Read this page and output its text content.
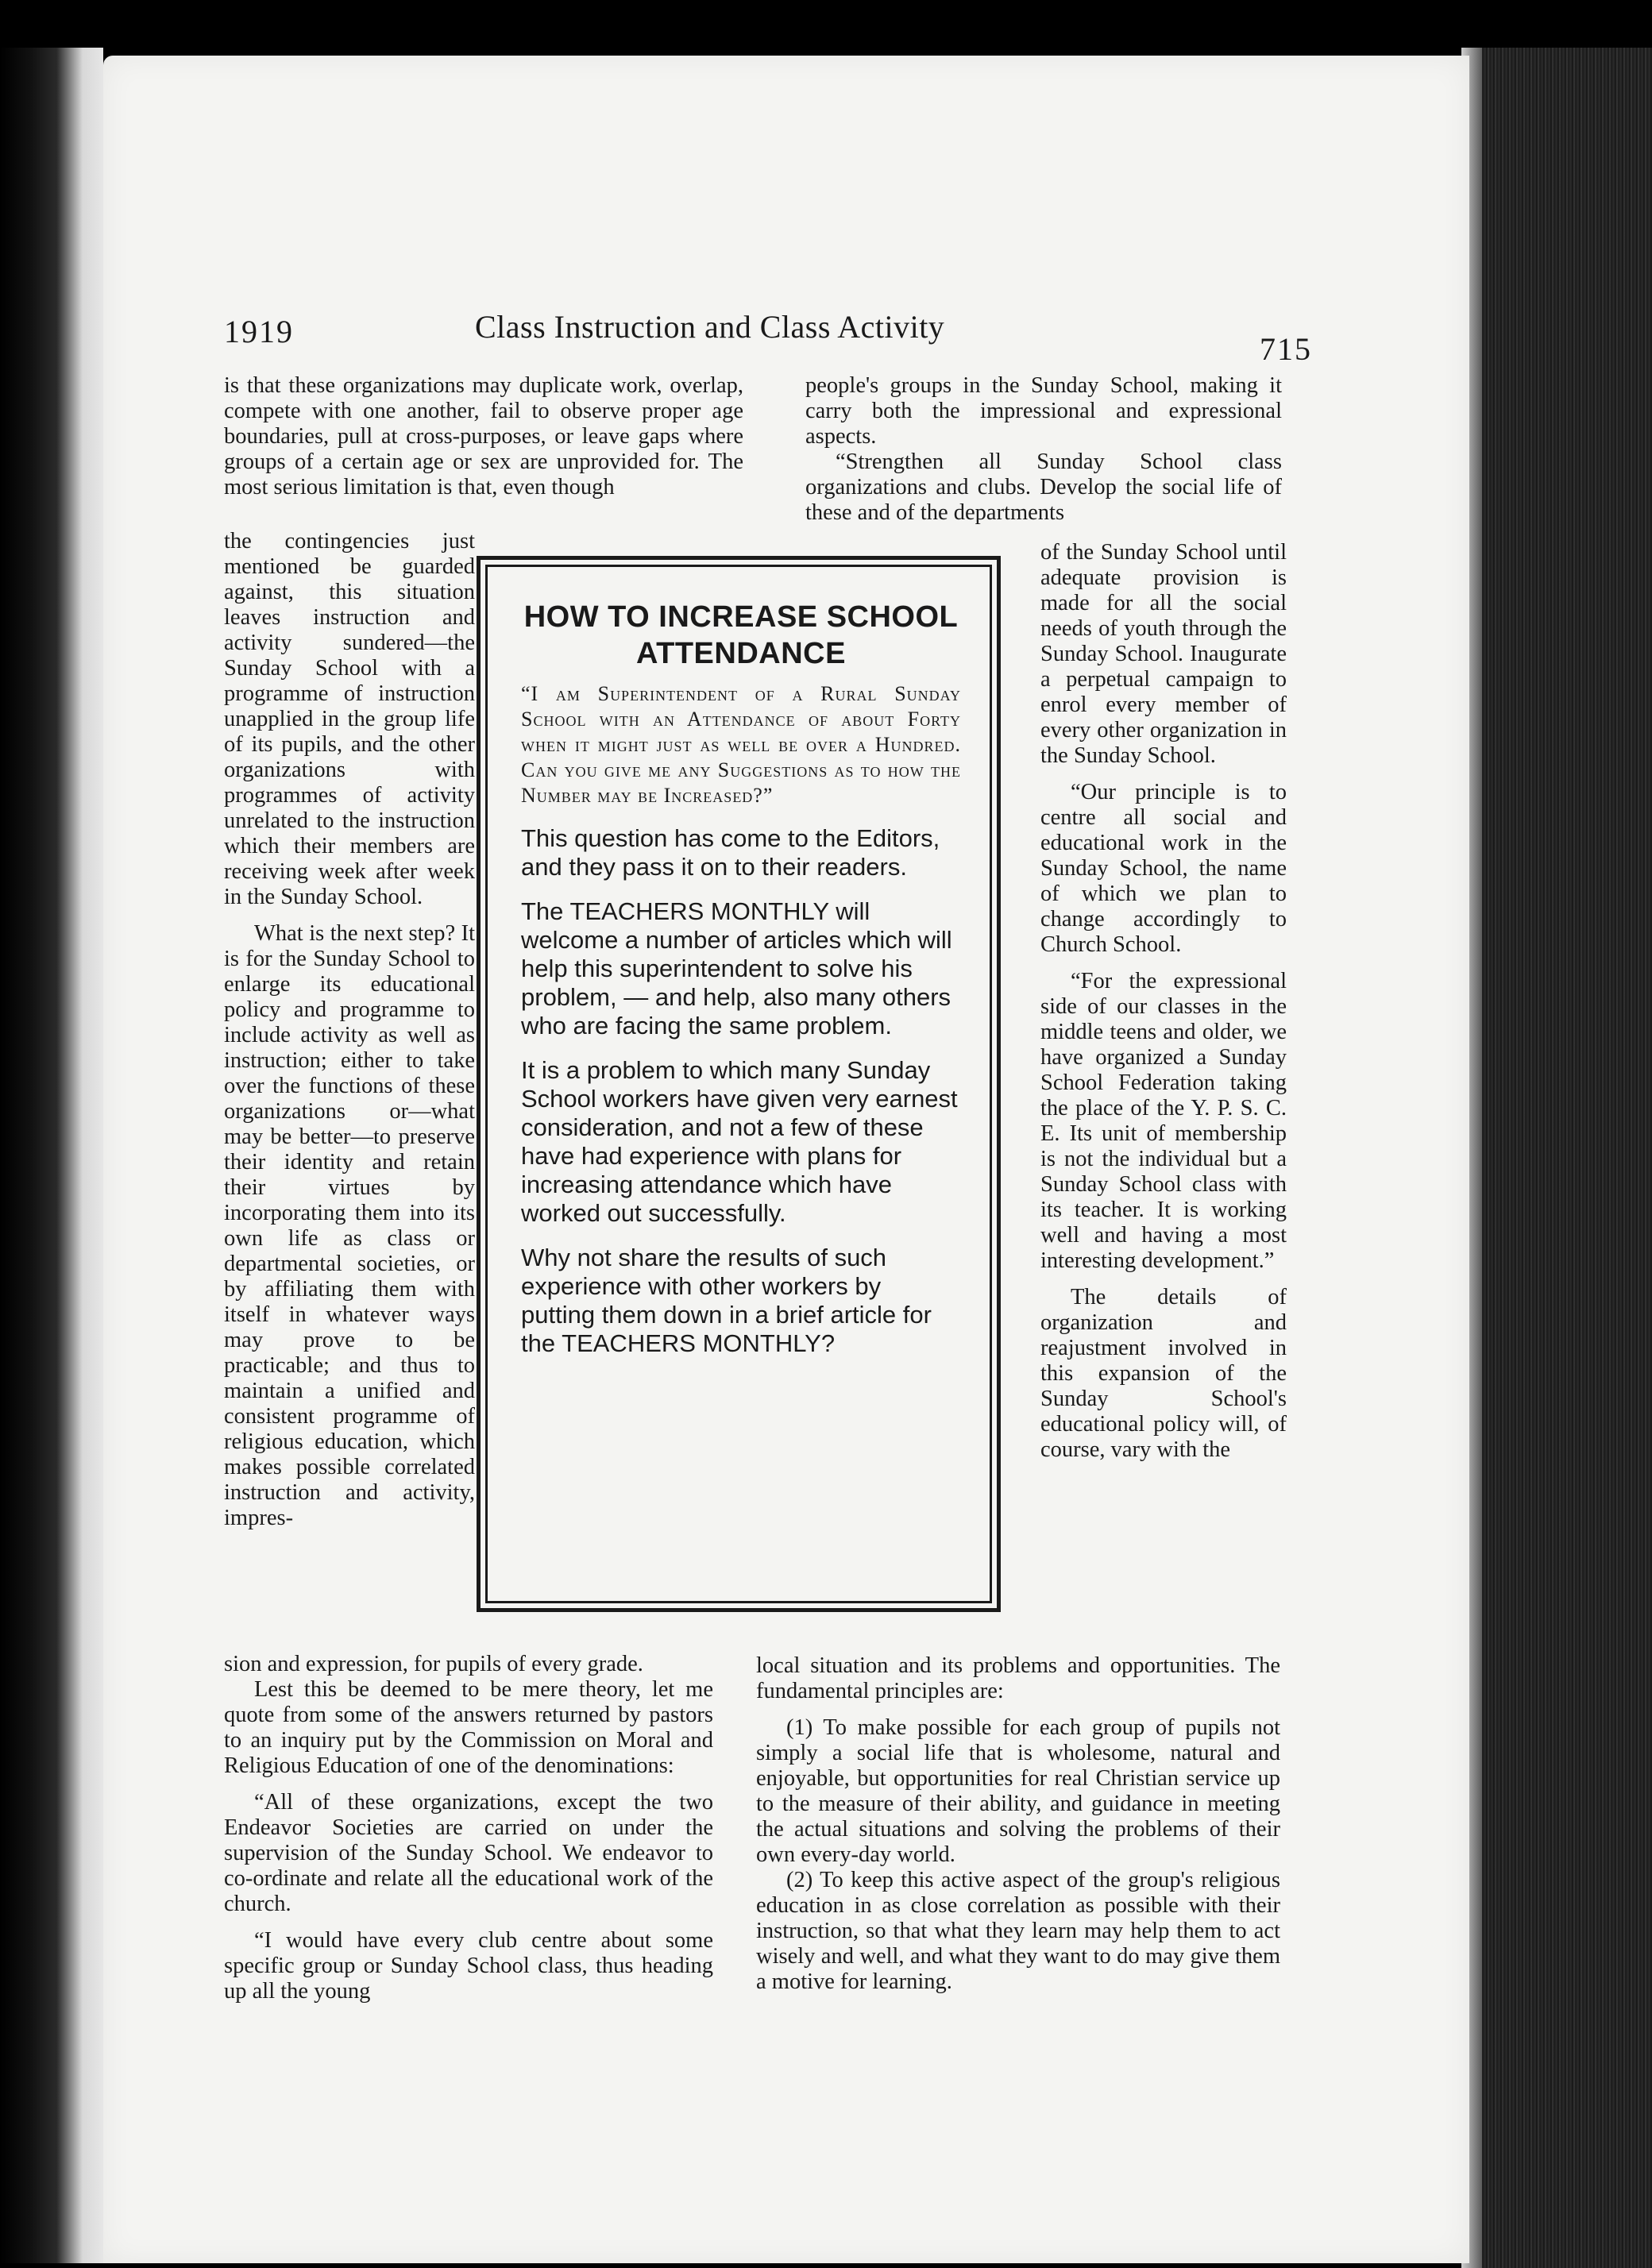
1919	Class Instruction and Class Activity
715

is that these organizations may duplicate work, overlap, compete with one another, fail to observe proper age boundaries, pull at cross-purposes, or leave gaps where groups of a certain age or sex are unprovided for. The most serious limitation is that, even though

the contingencies just mentioned be guarded against, this situation leaves instruction and activity sundered—the Sunday School with a programme of instruction unapplied in the group life of its pupils, and the other organizations with programmes of activity unrelated to the instruction which their members are receiving week after week in the Sunday School.

What is the next step? It is for the Sunday School to enlarge its educational policy and programme to include activity as well as instruction; either to take over the functions of these organizations or—what may be better—to preserve their identity and retain their virtues by incorporating them into its own life as class or departmental societies, or by affiliating them with itself in whatever ways may prove to be practicable; and thus to maintain a unified and consistent programme of religious education, which makes possible correlated instruction and activity, impres-

sion and expression, for pupils of every grade.

Lest this be deemed to be mere theory, let me quote from some of the answers returned by pastors to an inquiry put by the Commission on Moral and Religious Education of one of the denominations:

“All of these organizations, except the two Endeavor Societies are carried on under the supervision of the Sunday School. We endeavor to co-ordinate and relate all the educational work of the church.

“I would have every club centre about some specific group or Sunday School class, thus heading up all the young

HOW TO INCREASE SCHOOL ATTENDANCE

“I am Superintendent of a Rural Sunday School with an Attendance of about Forty when it might just as well be over a Hundred. Can you give me any Suggestions as to how the Number may be Increased?”

This question has come to the Editors, and they pass it on to their readers.

The TEACHERS MONTHLY will welcome a number of articles which will help this superintendent to solve his problem, — and help, also many others who are facing the same problem.

It is a problem to which many Sunday School workers have given very earnest consideration, and not a few of these have had experience with plans for increasing attendance which have worked out successfully.

Why not share the results of such experience with other workers by putting them down in a brief article for the TEACHERS MONTHLY?

people's groups in the Sunday School, making it carry both the impressional and expressional aspects.

“Strengthen all Sunday School class organizations and clubs. Develop the social life of these and of the departments

of the Sunday School until adequate provision is made for all the social needs of youth through the Sunday School. Inaugurate a perpetual campaign to enrol every member of every other organization in the Sunday School.

“Our principle is to centre all social and educational work in the Sunday School, the name of which we plan to change accordingly to Church School.

“For the expressional side of our classes in the middle teens and older, we have organized a Sunday School Federation taking the place of the Y. P. S. C. E. Its unit of membership is not the individual but a Sunday School class with its teacher. It is working well and having a most interesting development.”

The details of organization and reajustment involved in this expansion of the Sunday School's educational policy will, of course, vary with the

local situation and its problems and opportunities. The fundamental principles are:

(1) To make possible for each group of pupils not simply a social life that is wholesome, natural and enjoyable, but opportunities for real Christian service up to the measure of their ability, and guidance in meeting the actual situations and solving the problems of their own every-day world.

(2) To keep this active aspect of the group's religious education in as close correlation as possible with their instruction, so that what they learn may help them to act wisely and well, and what they want to do may give them a motive for learning.
